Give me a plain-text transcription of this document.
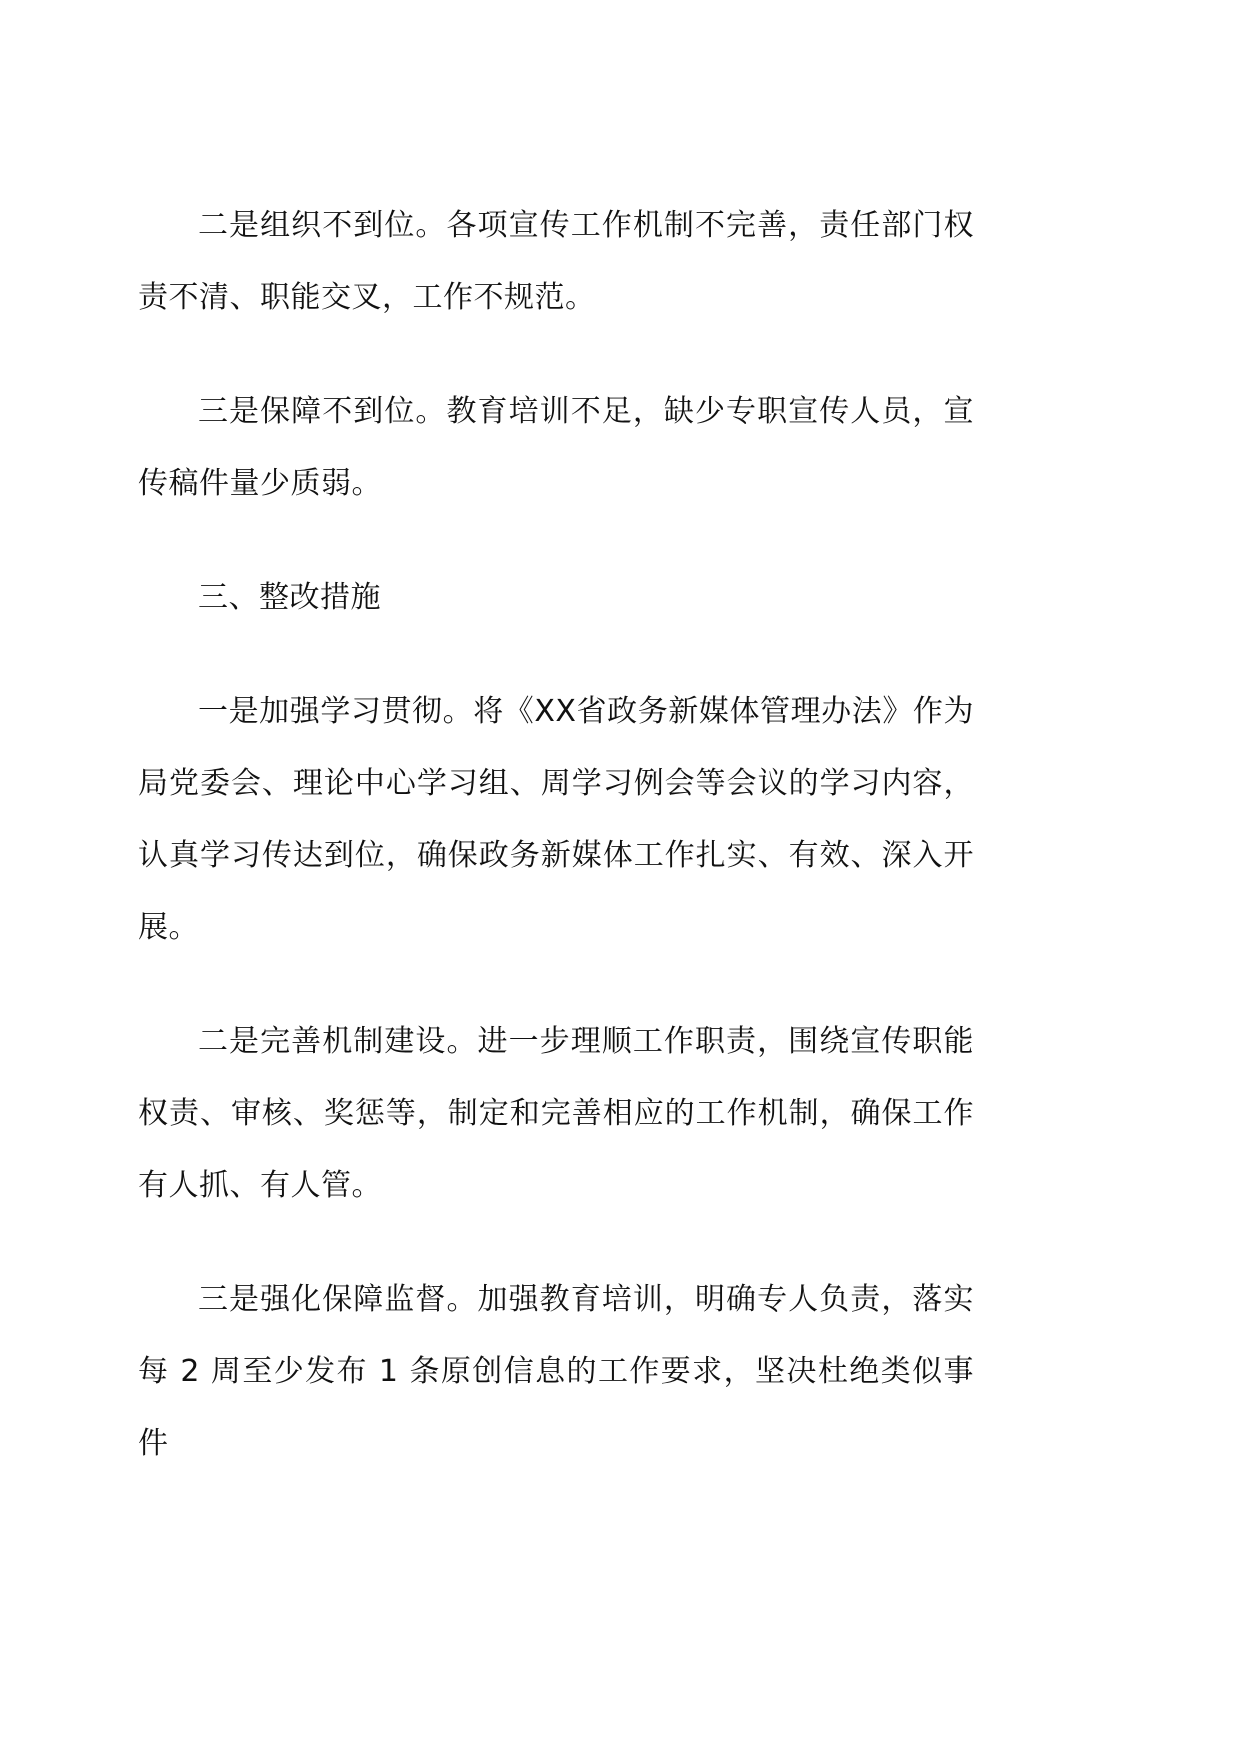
二是组织不到位。各项宣传工作机制不完善，责任部门权责不清、职能交叉，工作不规范。

三是保障不到位。教育培训不足，缺少专职宣传人员，宣传稿件量少质弱。

三、整改措施

一是加强学习贯彻。将《XX省政务新媒体管理办法》作为局党委会、理论中心学习组、周学习例会等会议的学习内容，认真学习传达到位，确保政务新媒体工作扎实、有效、深入开展。

二是完善机制建设。进一步理顺工作职责，围绕宣传职能权责、审核、奖惩等，制定和完善相应的工作机制，确保工作有人抓、有人管。

三是强化保障监督。加强教育培训，明确专人负责，落实每 2 周至少发布 1 条原创信息的工作要求，坚决杜绝类似事件
